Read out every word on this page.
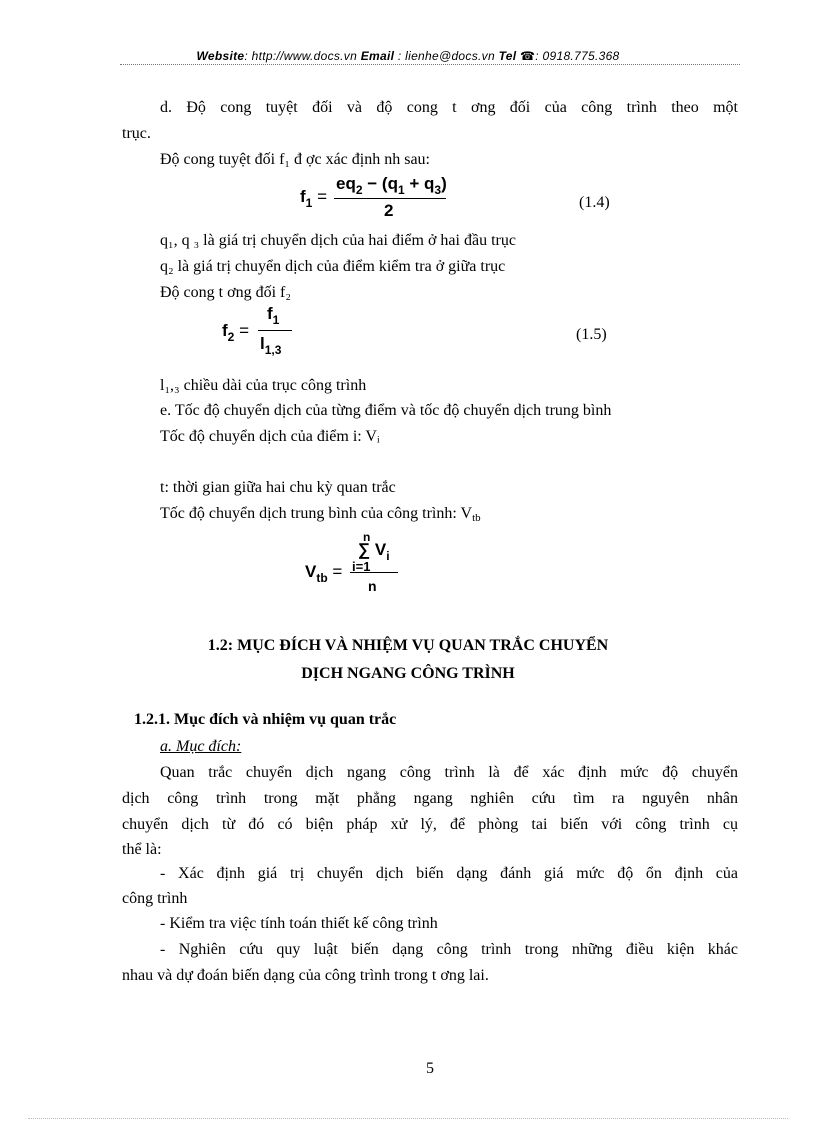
Website: http://www.docs.vn Email : lienhe@docs.vn Tel ☎: 0918.775.368
d. Độ cong tuyệt đối và độ cong t ơng đối của công trình theo một
trục.
Độ cong tuyệt đối f₁ đ ợc xác định nh sau:
$f_1$ =
$eq_2 - (q_1 + q_3)$
2	(1.4)
q₁, q ₃ là giá trị chuyển dịch của hai điểm ở hai đầu trục
q₂ là giá trị chuyển dịch của điểm kiểm tra ở giữa trục
Độ cong t ơng đối f₂
$f_2$ =
$f_1$
$l_{1,3}$
(1.5)
l₁,₃ chiều dài của trục công trình
e. Tốc độ chuyển dịch của từng điểm và tốc độ chuyển dịch trung bình
Tốc độ chuyển dịch của điểm i: Vᵢ
t: thời gian giữa hai chu kỳ quan trắc
Tốc độ chuyển dịch trung bình của công trình: $V_{tb}$
n
∑ $V_i$
i=1
$V_{tb}$ =
n
1.2: MỤC ĐÍCH VÀ NHIỆM VỤ QUAN TRẮC CHUYỂN
DỊCH NGANG CÔNG TRÌNH
1.2.1. Mục đích và nhiệm vụ quan trắc
a. Mục đích:
Quan trắc chuyển dịch ngang công trình là để xác định mức độ chuyển
dịch công trình trong mặt phẳng ngang nghiên cứu tìm ra nguyên nhân
chuyển dịch từ đó có biện pháp xử lý, để phòng tai biến với công trình cụ
thể là:
- Xác định giá trị chuyển dịch biến dạng đánh giá mức độ ổn định của
công trình
- Kiểm tra việc tính toán thiết kế công trình
- Nghiên cứu quy luật biến dạng công trình trong những điều kiện khác
nhau và dự đoán biến dạng của công trình trong t ơng lai.
5
